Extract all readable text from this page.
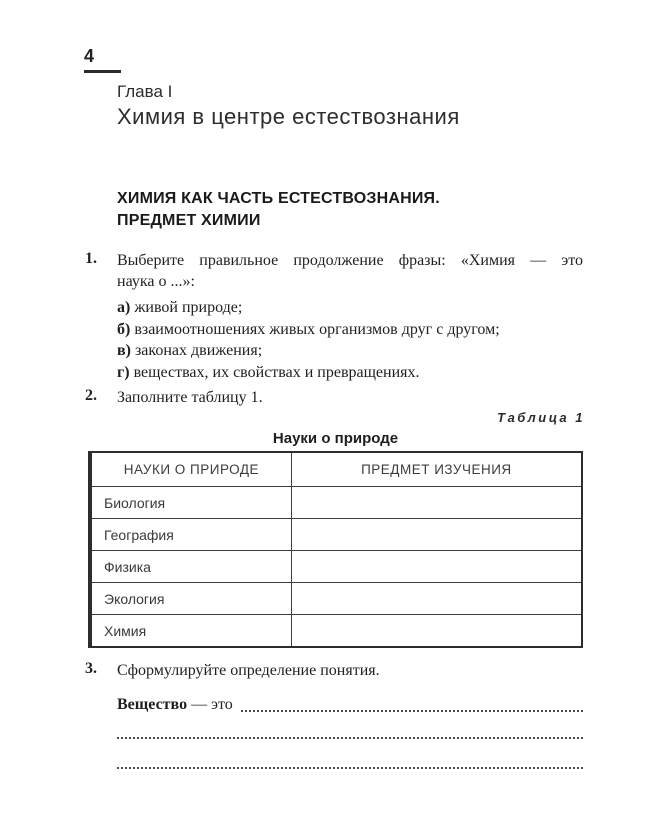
4
Глава I
Химия в центре естествознания
ХИМИЯ КАК ЧАСТЬ ЕСТЕСТВОЗНАНИЯ.
ПРЕДМЕТ ХИМИИ
1.	Выберите правильное продолжение фразы: «Химия — это
наука о ...»:
а) живой природе;
б) взаимоотношениях живых организмов друг с другом;
в) законах движения;
г) веществах, их свойствах и превращениях.
2.	Заполните таблицу 1.
Таблица 1
Науки о природе
НАУКИ О ПРИРОДЕ	ПРЕДМЕТ ИЗУЧЕНИЯ
Биология	
География	
Физика	
Экология	
Химия	
3.	Сформулируйте определение понятия.
Вещество — это
